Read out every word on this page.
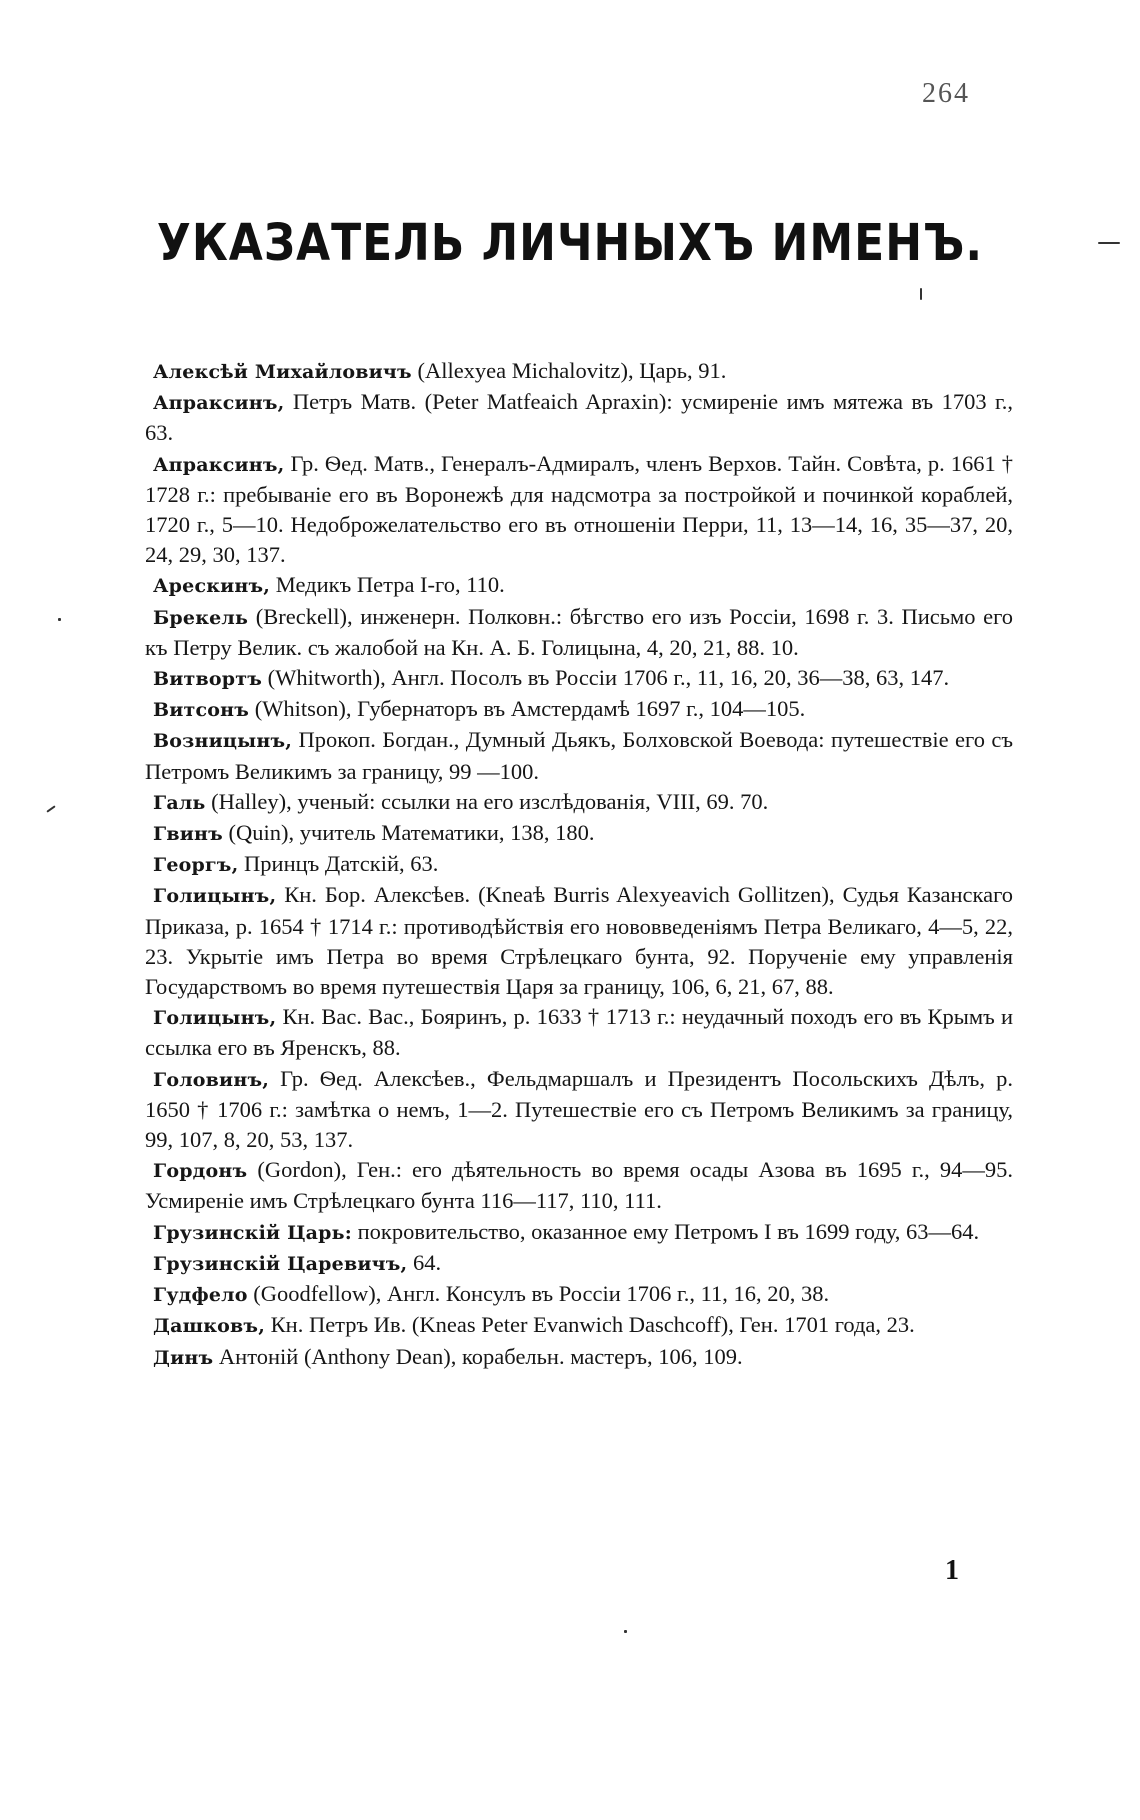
264
УКАЗАТЕЛЬ ЛИЧНЫХЪ ИМЕНЪ.

Алексѣй Михайловичъ (Allexyea Michalovitz), Царь, 91.

Апраксинъ, Петръ Матв. (Peter Matfeaich Apraxin): усмиреніе имъ мятежа въ 1703 г., 63.

Апраксинъ, Гр. Ѳед. Матв., Генералъ-Адмиралъ, членъ Верхов. Тайн. Совѣта, р. 1661 † 1728 г.: пребываніе его въ Воронежѣ для надсмотра за постройкой и починкой кораблей, 1720 г., 5—10. Недоброжелательство его въ отношеніи Перри, 11, 13—14, 16, 35—37, 20, 24, 29, 30, 137.

Арескинъ, Медикъ Петра I-го, 110.

Брекель (Breckell), инженерн. Полковн.: бѣгство его изъ Россіи, 1698 г. 3. Письмо его къ Петру Велик. съ жалобой на Кн. А. Б. Голицына, 4, 20, 21, 88. 10.

Витвортъ (Whitworth), Англ. Посолъ въ Россіи 1706 г., 11, 16, 20, 36—38, 63, 147.

Витсонъ (Whitson), Губернаторъ въ Амстердамѣ 1697 г., 104—105.

Возницынъ, Прокоп. Богдан., Думный Дьякъ, Болховской Воевода: путешествіе его съ Петромъ Великимъ за границу, 99 —100.

Галь (Halley), ученый: ссылки на его изслѣдованія, VIII, 69. 70.

Гвинъ (Quin), учитель Математики, 138, 180.

Георгъ, Принцъ Датскій, 63.

Голицынъ, Кн. Бор. Алексѣев. (Kneaѣ Burris Alexyeavich Gollitzen), Судья Казанскаго Приказа, р. 1654 † 1714 г.: противодѣйствія его нововведеніямъ Петра Великаго, 4—5, 22, 23. Укрытіе имъ Петра во время Стрѣлецкаго бунта, 92. Порученіе ему управленія Государствомъ во время путешествія Царя за границу, 106, 6, 21, 67, 88.

Голицынъ, Кн. Вас. Вас., Бояринъ, р. 1633 † 1713 г.: неудачный походъ его въ Крымъ и ссылка его въ Яренскъ, 88.

Головинъ, Гр. Ѳед. Алексѣев., Фельдмаршалъ и Президентъ Посольскихъ Дѣлъ, р. 1650 † 1706 г.: замѣтка о немъ, 1—2. Путешествіе его съ Петромъ Великимъ за границу, 99, 107, 8, 20, 53, 137.

Гордонъ (Gordon), Ген.: его дѣятельность во время осады Азова въ 1695 г., 94—95. Усмиреніе имъ Стрѣлецкаго бунта 116—117, 110, 111.

Грузинскій Царь: покровительство, оказанное ему Петромъ I въ 1699 году, 63—64.

Грузинскій Царевичъ, 64.

Гудфело (Goodfellow), Англ. Консулъ въ Россіи 1706 г., 11, 16, 20, 38.

Дашковъ, Кн. Петръ Ив. (Kneas Peter Evanwich Daschcoff), Ген. 1701 года, 23.

Динъ Антоній (Anthony Dean), корабельн. мастеръ, 106, 109.

1
